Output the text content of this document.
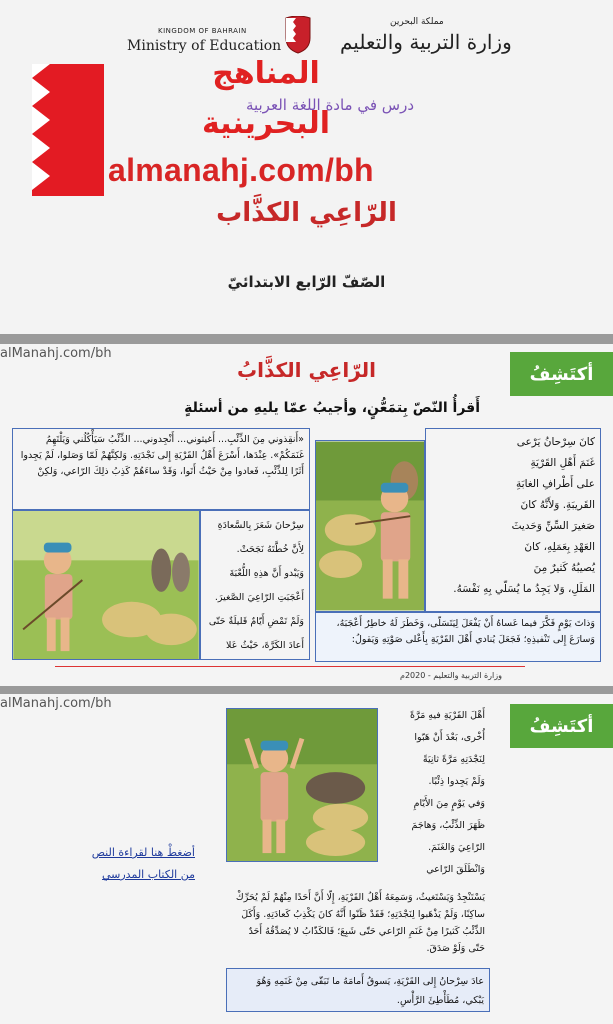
KINGDOM OF BAHRAIN
Ministry of Education
مملكة البحرين
وزارة التربية والتعليم
المناهج
درس في مادة اللغة العربية
البحرينية
almanahj.com/bh
الرّاعِي الكذَّاب
الصّفّ الرّابع الابتدائيّ
alManahj.com/bh
أكتَشِفُ
الرّاعِي الكذَّابُ
أَقرأُ النّصّ بِتمَعُّنٍ، وأجيبُ عمّا يليهِ من أسئلةٍ
كانَ سِرْحانُ يَرْعى
غَنَمَ أَهْلِ القَرْيَةِ
على أَطْرافِ الغابَةِ
القَريبَةِ. وَلأَنَّهُ كانَ
صَغيرَ السِّنِّ وَحَديثَ
العَهْدِ بِعَمَلِهِ، كانَ
يُصيبُهُ كَثيرٌ مِنَ
المَلَلِ، وَلا يَجِدُ ما يُسَلّي بِهِ نَفْسَهُ.
وَذاتَ يَوْمٍ فَكَّرَ فيما عَساهُ أَنْ يَفْعَلَ لِيَتَسَلّى، وَخَطَرَ لَهُ خاطِرٌ أَعْجَبَهُ، وَسارَعَ إِلى تَنْفيذِهِ؛ فَجَعَلَ يُنادي أَهْلَ القَرْيَةِ بِأَعْلى صَوْتِهِ وَيَقولُ:
«أَنقِذوني مِنَ الذِّئْبِ... أَغيثوني... أَنْجِدوني... الذِّئْبُ سَيَأْكُلُني وَيَلْتَهِمُ غَنَمَكُمْ». عِنْدَها، أَسْرَعَ أَهْلُ القَرْيَةِ إِلى نَجْدَتِهِ. وَلكِنَّهُمْ لَمّا وَصَلوا، لَمْ يَجِدوا أَثَرًا لِلذِّئْبِ، فَعادوا مِنْ حَيْثُ أَتَوا، وَقَدْ ساءَهُمْ كَذِبُ ذلِكَ الرّاعي، وَلكِنْ
سِرْحانَ شَعَرَ بِالسَّعادَةِ
لِأَنَّ خُطَّتَهُ نَجَحَتْ.
وَيَبْدو أَنَّ هذِهِ اللُّعْبَةَ
أَعْجَبَتِ الرّاعِيَ الصَّغيرَ.
وَلَمْ تَمْضِ أَيّامٌ قَليلَةٌ حَتّى
أَعادَ الكَرَّةَ، حَيْثُ عَلا
وزارة التربية والتعليم - 2020م
alManahj.com/bh
أكتَشِفُ
أَهْلَ القَرْيَةِ فيهِ مَرَّةً
أُخْرى، بَعْدَ أَنْ هَبّوا
لِنَجْدَتِهِ مَرَّةً ثانِيَةً
وَلَمْ يَجِدوا ذِئْبًا.
وَفي يَوْمٍ مِنَ الأَيّامِ
ظَهَرَ الذِّئْبُ، وَهاجَمَ
الرّاعِيَ وَالغَنَمَ.
وَانْطَلَقَ الرّاعي
يَسْتَنْجِدُ وَيَسْتَغيثُ، وَسَمِعَهُ أَهْلُ القَرْيَةِ، إِلّا أَنَّ أَحَدًا مِنْهُمْ لَمْ يُحَرِّكْ ساكِنًا، وَلَمْ يَذْهَبوا لِنَجْدَتِهِ؛ فَقَدْ ظَنّوا أَنَّهُ كانَ يَكْذِبُ كَعادَتِهِ. وَأَكَلَ الذِّئْبُ كَثيرًا مِنْ غَنَمِ الرّاعي حَتّى شَبِعَ؛ فَالكَذّابُ لا يُصَدِّقُهُ أَحَدٌ حَتّى وَلَوْ صَدَقَ.
عادَ سِرْحانُ إِلى القَرْيَةِ، يَسوقُ أَمامَهُ ما تَبَقّى مِنْ غَنَمِهِ وَهُوَ يَبْكي، مُطَأْطِئَ الرَّأْسِ.
أضغطْ هنا لقراءة النص
من الكتاب المدرسي
